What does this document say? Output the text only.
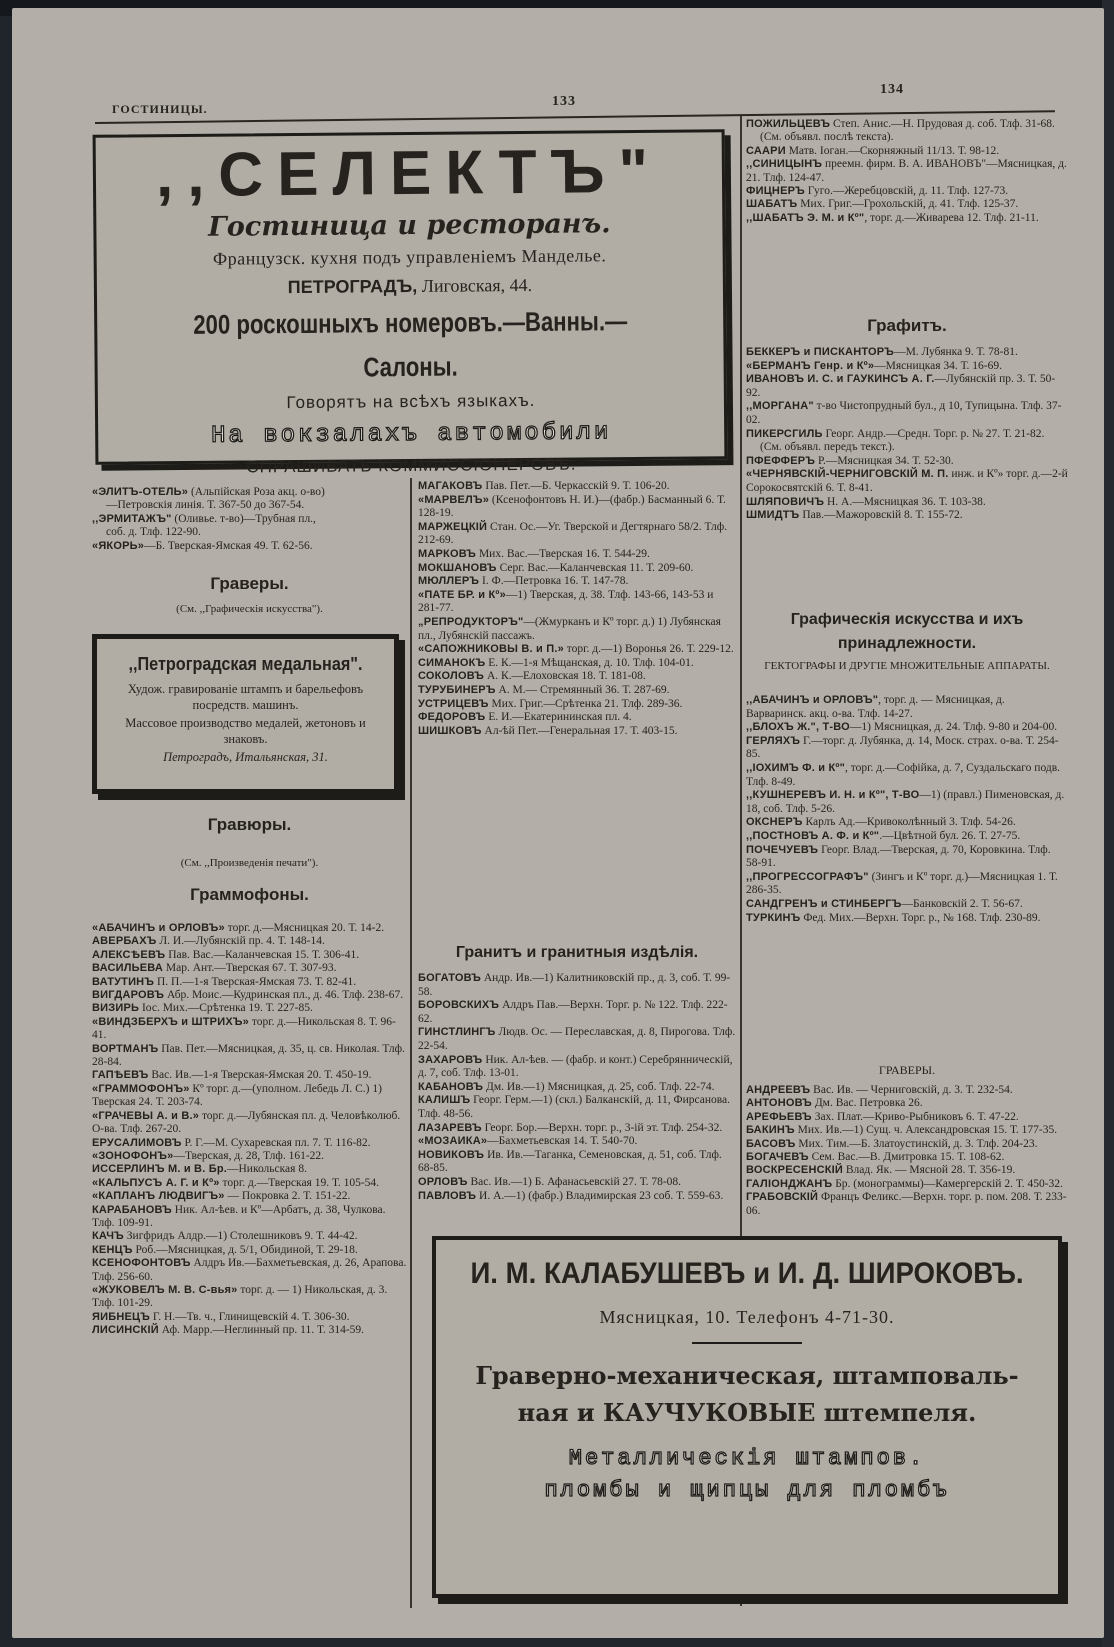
ГОСТИНИЦЫ.	133
134
,,СЕЛЕКТЪ"
Гостиница и ресторанъ.
Французск. кухня подъ управленіемъ Манделье.
ПЕТРОГРАДЪ, Лиговская, 44.
200 роскошныхъ номеровъ.—Ванны.—Салоны.
Говорятъ на всѣхъ языкахъ.
На вокзалахъ автомобили
СПРАШИВАТЬ КОММИССІОНЕРОВЪ.
«ЭЛИТЪ-ОТЕЛЬ» (Альпійская Роза акц. о-во)
—Петровскія линія. Т. 367-50 до 367-54.
,,ЭРМИТАЖЪ" (Оливье. т-во)—Трубная пл.,
соб. д. Тлф. 122-90.
«ЯКОРЬ»—Б. Тверская-Ямская 49. Т. 62-56.
Граверы.
(См. ,,Графическія искусства").
,,Петроградская медальная".
Худож. гравированіе штампъ и барельефовъ посредств. машинъ.
Массовое производство медалей, жетоновъ и знаковъ.
Петроградъ, Итальянская, 31.
Гравюры.
(См. ,,Произведенія печати").
Граммофоны.
«АБАЧИНЪ и ОРЛОВЪ» торг. д.—Мясницкая 20. Т. 14-2.
АВЕРБАХЪ Л. И.—Лубянскій пр. 4. Т. 148-14.
АЛЕКСѢЕВЪ Пав. Вас.—Каланчевская 15. Т. 306-41.
ВАСИЛЬЕВА Мар. Ант.—Тверская 67. Т. 307-93.
ВАТУТИНЪ П. П.—1-я Тверская-Ямская 73. Т. 82-41.
ВИГДАРОВЪ Абр. Моис.—Кудринская пл., д. 46. Тлф. 238-67.
ВИЗИРЬ Іос. Мих.—Срѣтенка 19. Т. 227-85.
«ВИНДЗБЕРХЪ и ШТРИХЪ» торг. д.—Никольская 8. Т. 96-41.
ВОРТМАНЪ Пав. Пет.—Мясницкая, д. 35, ц. св. Николая. Тлф. 28-84.
ГАПѢЕВЪ Вас. Ив.—1-я Тверская-Ямская 20. Т. 450-19.
«ГРАММОФОНЪ» Кº торг. д.—(уполном. Лебедь Л. С.) 1) Тверская 24. Т. 203-74.
«ГРАЧЕВЫ А. и В.» торг. д.—Лубянская пл. д. Человѣколюб. О-ва. Тлф. 267-20.
ЕРУСАЛИМОВЪ Р. Г.—М. Сухаревская пл. 7. Т. 116-82.
«ЗОНОФОНЪ»—Тверская, д. 28, Тлф. 161-22.
ИССЕРЛИНЪ М. и В. Бр.—Никольская 8.
«КАЛЬПУСЪ А. Г. и Кº» торг. д.—Тверская 19. Т. 105-54.
«КАПЛАНЪ ЛЮДВИГЪ» — Покровка 2. Т. 151-22.
КАРАБАНОВЪ Ник. Ал-ѣев. и Кº—Арбатъ, д. 38, Чулкова. Тлф. 109-91.
КАЧЪ Зигфридъ Алдр.—1) Столешниковъ 9. Т. 44-42.
КЕНЦЪ Роб.—Мясницкая, д. 5/1, Обидиной, Т. 29-18.
КСЕНОФОНТОВЪ Алдръ Ив.—Бахметьевская, д. 26, Арапова. Тлф. 256-60.
«ЖУКОВЕЛЪ М. В. С-вья» торг. д. — 1) Никольская, д. 3. Тлф. 101-29.
ЯИБНЕЦЪ Г. Н.—Тв. ч., Глинищевскій 4. Т. 306-30.
ЛИСИНСКІЙ Аф. Марр.—Неглинный пр. 11. Т. 314-59.
МАГАКОВЪ Пав. Пет.—Б. Черкасскій 9. Т. 106-20.
«МАРВЕЛЪ» (Ксенофонтовъ Н. И.)—(фабр.) Басманный 6. Т. 128-19.
МАРЖЕЦКІЙ Стан. Ос.—Уг. Тверской и Дегтярнаго 58/2. Тлф. 212-69.
МАРКОВЪ Мих. Вас.—Тверская 16. Т. 544-29.
МОКШАНОВЪ Серг. Вас.—Каланчевская 11. Т. 209-60.
МЮЛЛЕРЪ І. Ф.—Петровка 16. Т. 147-78.
«ПАТЕ БР. и Кº»—1) Тверская, д. 38. Тлф. 143-66, 143-53 и 281-77.
„РЕПРОДУКТОРЪ"—(Жмурканъ и Кº торг. д.) 1) Лубянская пл., Лубянскій пассажъ.
«САПОЖНИКОВЫ В. и П.» торг. д.—1) Воронья 26. Т. 229-12.
СИМАНОКЪ Е. К.—1-я Мѣщанская, д. 10. Тлф. 104-01.
СОКОЛОВЪ А. К.—Елоховская 18. Т. 181-08.
ТУРУБИНЕРЪ А. М.— Стремянный 36. Т. 287-69.
УСТРИЦЕВЪ Мих. Григ.—Срѣтенка 21. Тлф. 289-36.
ФЕДОРОВЪ Е. И.—Екатерининская пл. 4.
ШИШКОВЪ Ал-ѣй Пет.—Генеральная 17. Т. 403-15.
Гранитъ и гранитныя издѣлія.
БОГАТОВЪ Андр. Ив.—1) Калитниковскій пр., д. 3, соб. Т. 99-58.
БОРОВСКИХЪ Алдръ Пав.—Верхн. Торг. р. № 122. Тлф. 222-62.
ГИНСТЛИНГЪ Людв. Ос. — Переславская, д. 8, Пирогова. Тлф. 22-54.
ЗАХАРОВЪ Ник. Ал-ѣев. — (фабр. и конт.) Серебрянническій, д. 7, соб. Тлф. 13-01.
КАБАНОВЪ Дм. Ив.—1) Мясницкая, д. 25, соб. Тлф. 22-74.
КАЛИШЪ Георг. Герм.—1) (скл.) Балканскій, д. 11, Фирсанова. Тлф. 48-56.
ЛАЗАРЕВЪ Георг. Бор.—Верхн. торг. р., 3-ій эт. Тлф. 254-32.
«МОЗАИКА»—Бахметьевская 14. Т. 540-70.
НОВИКОВЪ Ив. Ив.—Таганка, Семеновская, д. 51, соб. Тлф. 68-85.
ОРЛОВЪ Вас. Ив.—1) Б. Афанасьевскій 27. Т. 78-08.
ПАВЛОВЪ И. А.—1) (фабр.) Владимирская 23 соб. Т. 559-63.
И. М. КАЛАБУШЕВЪ и И. Д. ШИРОКОВЪ.
Мясницкая, 10. Телефонъ 4-71-30.
Граверно-механическая, штамповаль-
ная и КАУЧУКОВЫЕ штемпеля.
Металлическія штампов.
пломбы и щипцы для пломбъ
ПОЖИЛЬЦЕВЪ Степ. Анис.—Н. Прудовая д. соб. Тлф. 31-68.
(См. объявл. послѣ текста).
СААРИ Матв. Іоган.—Скорняжный 11/13. Т. 98-12.
,,СИНИЦЫНЪ преемн. фирм. В. А. ИВАНОВЪ"—Мясницкая, д. 21. Тлф. 124-47.
ФИЦНЕРЪ Гуго.—Жеребцовскій, д. 11. Тлф. 127-73.
ШАБАТЪ Мих. Григ.—Грохольскій, д. 41. Тлф. 125-37.
,,ШАБАТЪ Э. М. и Кº", торг. д.—Живарева 12. Тлф. 21-11.
Графитъ.
БЕККЕРЪ и ПИСКАНТОРЪ—М. Лубянка 9. Т. 78-81.
«БЕРМАНЪ Генр. и Кº»—Мясницкая 34. Т. 16-69.
ИВАНОВЪ И. С. и ГАУКИНСЪ А. Г.—Лубянскій пр. 3. Т. 50-92.
,,МОРГАНА" т-во Чистопрудный бул., д 10, Тупицына. Тлф. 37-02.
ПИКЕРСГИЛЬ Георг. Андр.—Средн. Торг. р. № 27. Т. 21-82.
(См. объявл. передъ текст.).
ПФЕФФЕРЪ Р.—Мясницкая 34. Т. 52-30.
«ЧЕРНЯВСКІЙ-ЧЕРНИГОВСКІЙ М. П. инж. и Кº» торг. д.—2-й Сорокосвятскій 6. Т. 8-41.
ШЛЯПОВИЧЪ Н. А.—Мясницкая 36. Т. 103-38.
ШМИДТЪ Пав.—Мажоровскій 8. Т. 155-72.
Графическія искусства и ихъ принадлежности.
ГЕКТОГРАФЫ И ДРУГІЕ МНОЖИТЕЛЬНЫЕ АППАРАТЫ.
,,АБАЧИНЪ и ОРЛОВЪ", торг. д. — Мясницкая, д. Варваринск. акц. о-ва. Тлф. 14-27.
,,БЛОХЪ Ж.", Т-ВО—1) Мясницкая, д. 24. Тлф. 9-80 и 204-00.
ГЕРЛЯХЪ Г.—торг. д. Лубянка, д. 14, Моск. страх. о-ва. Т. 254-85.
,,ІОХИМЪ Ф. и Кº", торг. д.—Софійка, д. 7, Суздальскаго подв. Тлф. 8-49.
,,КУШНЕРЕВЪ И. Н. и Кº", Т-ВО—1) (правл.) Пименовская, д. 18, соб. Тлф. 5-26.
ОКСНЕРЪ Карлъ Ад.—Кривоколѣнный 3. Тлф. 54-26.
,,ПОСТНОВЪ А. Ф. и Кº".—Цвѣтной бул. 26. Т. 27-75.
ПОЧЕЧУЕВЪ Георг. Влад.—Тверская, д. 70, Коровкина. Тлф. 58-91.
,,ПРОГРЕССОГРАФЪ" (Зингъ и Кº торг. д.)—Мясницкая 1. Т. 286-35.
САНДГРЕНЪ и СТИНБЕРГЪ—Банковскій 2. Т. 56-67.
ТУРКИНЪ Фед. Мих.—Верхн. Торг. р., № 168. Тлф. 230-89.
ГРАВЕРЫ.
АНДРЕЕВЪ Вас. Ив. — Черниговскій, д. 3. Т. 232-54.
АНТОНОВЪ Дм. Вас. Петровка 26.
АРЕФЬЕВЪ Зах. Плат.—Криво-Рыбниковъ 6. Т. 47-22.
БАКИНЪ Мих. Ив.—1) Сущ. ч. Александровская 15. Т. 177-35.
БАСОВЪ Мих. Тим.—Б. Златоустинскій, д. 3. Тлф. 204-23.
БОГАЧЕВЪ Сем. Вас.—В. Дмитровка 15. Т. 108-62.
ВОСКРЕСЕНСКІЙ Влад. Як. — Мясной 28. Т. 356-19.
ГАЛІОНДЖАНЪ Бр. (монограммы)—Камергерскій 2. Т. 450-32.
ГРАБОВСКІЙ Францъ Феликс.—Верхн. торг. р. пом. 208. Т. 233-06.
